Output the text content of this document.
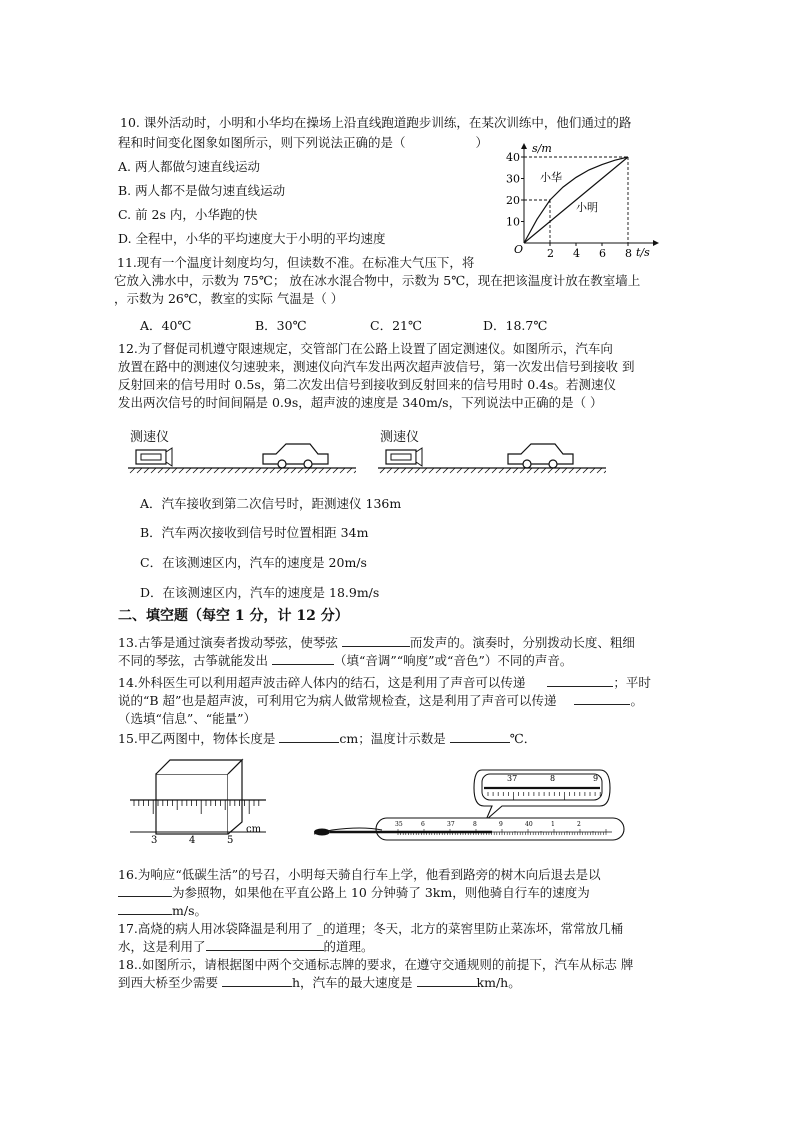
10. 课外活动时，小明和小华均在操场上沿直线跑道跑步训练，在某次训练中，他们通过的路
程和时间变化图象如图所示，则下列说法正确的是（	）
A. 两人都做匀速直线运动
B. 两人都不是做匀速直线运动
C. 前 2s 内，小华跑的快
D. 全程中，小华的平均速度大于小明的平均速度
10
20
30
40
2 4 6 8
s/m
t/s
O
小华
小明
11.现有一个温度计刻度均匀，但读数不准。在标准大气压下，将
它放入沸水中，示数为 75℃； 放在冰水混合物中，示数为 5℃，现在把该温度计放在教室墙上
，示数为 26℃，教室的实际 气温是（ ）
A．40℃	B．30℃	C．21℃	D．18.7℃
12.为了督促司机遵守限速规定，交管部门在公路上设置了固定测速仪。如图所示，汽车向
放置在路中的测速仪匀速驶来，测速仪向汽车发出两次超声波信号，第一次发出信号到接收 到
反射回来的信号用时 0.5s，第二次发出信号到接收到反射回来的信号用时 0.4s。若测速仪
发出两次信号的时间间隔是 0.9s，超声波的速度是 340m/s，下列说法中正确的是（ ）
测速仪	测速仪
A．汽车接收到第二次信号时，距测速仪 136m
B．汽车两次接收到信号时位置相距 34m
C．在该测速区内，汽车的速度是 20m/s
D．在该测速区内，汽车的速度是 18.9m/s
二、填空题（每空 1 分，计 12 分）
13.古筝是通过演奏者拨动琴弦，使琴弦	而发声的。演奏时，分别拨动长度、粗细
不同的琴弦，古筝就能发出	（填“音调”“响度”或“音色”）不同的声音。
14.外科医生可以利用超声波击碎人体内的结石，这是利用了声音可以传递	；平时
说的“B 超”也是超声波，可利用它为病人做常规检查，这是利用了声音可以传递	。
（选填“信息”、“能量”）
15.甲乙两图中，物体长度是	cm；温度计示数是	℃．
3	4	5
cm
37	8	9
35	6	37	8	9	40	1	2
16.为响应“低碳生活”的号召，小明每天骑自行车上学，他看到路旁的树木向后退去是以
为参照物，如果他在平直公路上 10 分钟骑了 3km，则他骑自行车的速度为
m/s。
17.高烧的病人用冰袋降温是利用了 _的道理；冬天，北方的菜窖里防止菜冻坏，常常放几桶
水，这是利用了	的道理。
18..如图所示，请根据图中两个交通标志牌的要求，在遵守交通规则的前提下，汽车从标志 牌
到西大桥至少需要	h，汽车的最大速度是	km/h。
